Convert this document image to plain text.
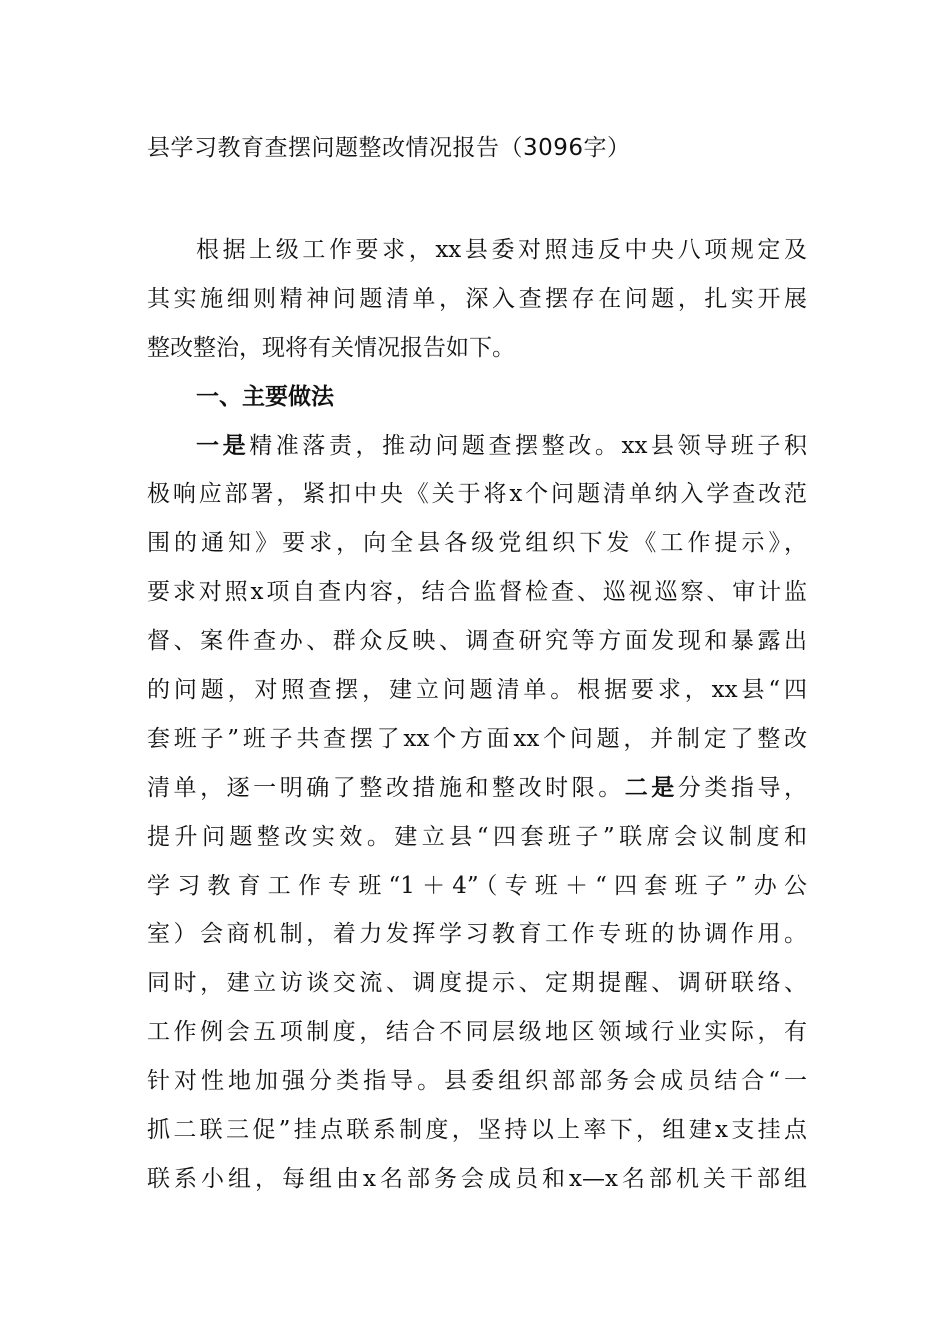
县学习教育查摆问题整改情况报告（3096字）
根据上级工作要求，xx县委对照违反中央八项规定及
其实施细则精神问题清单，深入查摆存在问题，扎实开展
整改整治，现将有关情况报告如下。
一、主要做法
一是精准落责，推动问题查摆整改。xx县领导班子积
极响应部署，紧扣中央《关于将x个问题清单纳入学查改范
围的通知》要求，向全县各级党组织下发《工作提示》，
要求对照x项自查内容，结合监督检查、巡视巡察、审计监
督、案件查办、群众反映、调查研究等方面发现和暴露出
的问题，对照查摆，建立问题清单。根据要求，xx县“四
套班子”班子共查摆了xx个方面xx个问题，并制定了整改
清单，逐一明确了整改措施和整改时限。二是分类指导，
提升问题整改实效。建立县“四套班子”联席会议制度和
学习教育工作专班“1＋4”（专班＋“四套班子”办公
室）会商机制，着力发挥学习教育工作专班的协调作用。
同时，建立访谈交流、调度提示、定期提醒、调研联络、
工作例会五项制度，结合不同层级地区领域行业实际，有
针对性地加强分类指导。县委组织部部务会成员结合“一
抓二联三促”挂点联系制度，坚持以上率下，组建x支挂点
联系小组，每组由x名部务会成员和x—x名部机关干部组
